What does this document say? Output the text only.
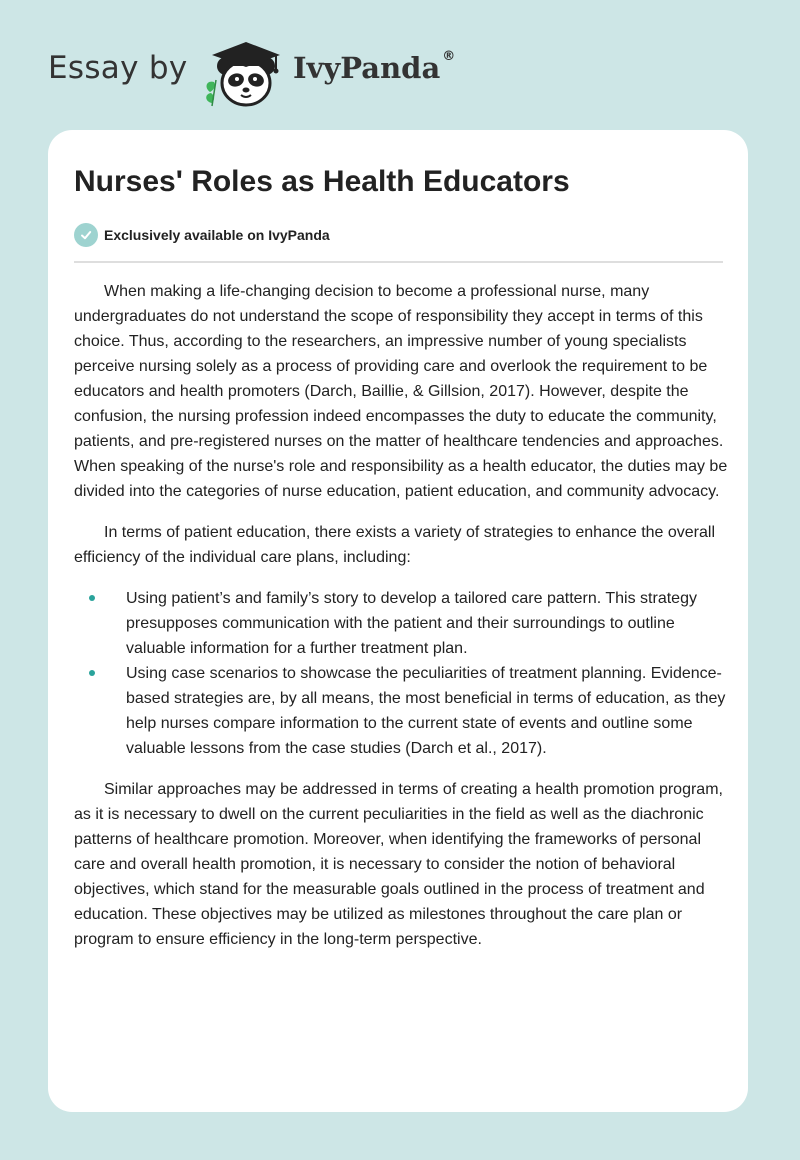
Essay by	IvyPanda ®
Nurses' Roles as Health Educators
Exclusively available on IvyPanda

When making a life-changing decision to become a professional nurse, many undergraduates do not understand the scope of responsibility they accept in terms of this choice. Thus, according to the researchers, an impressive number of young specialists perceive nursing solely as a process of providing care and overlook the requirement to be educators and health promoters (Darch, Baillie, & Gillsion, 2017). However, despite the confusion, the nursing profession indeed encompasses the duty to educate the community, patients, and pre-registered nurses on the matter of healthcare tendencies and approaches. When speaking of the nurse's role and responsibility as a health educator, the duties may be divided into the categories of nurse education, patient education, and community advocacy.

In terms of patient education, there exists a variety of strategies to enhance the overall efficiency of the individual care plans, including:

Using patient’s and family’s story to develop a tailored care pattern. This strategy presupposes communication with the patient and their surroundings to outline valuable information for a further treatment plan.
Using case scenarios to showcase the peculiarities of treatment planning. Evidence-based strategies are, by all means, the most beneficial in terms of education, as they help nurses compare information to the current state of events and outline some valuable lessons from the case studies (Darch et al., 2017).

Similar approaches may be addressed in terms of creating a health promotion program, as it is necessary to dwell on the current peculiarities in the field as well as the diachronic patterns of healthcare promotion. Moreover, when identifying the frameworks of personal care and overall health promotion, it is necessary to consider the notion of behavioral objectives, which stand for the measurable goals outlined in the process of treatment and education. These objectives may be utilized as milestones throughout the care plan or program to ensure efficiency in the long-term perspective.
